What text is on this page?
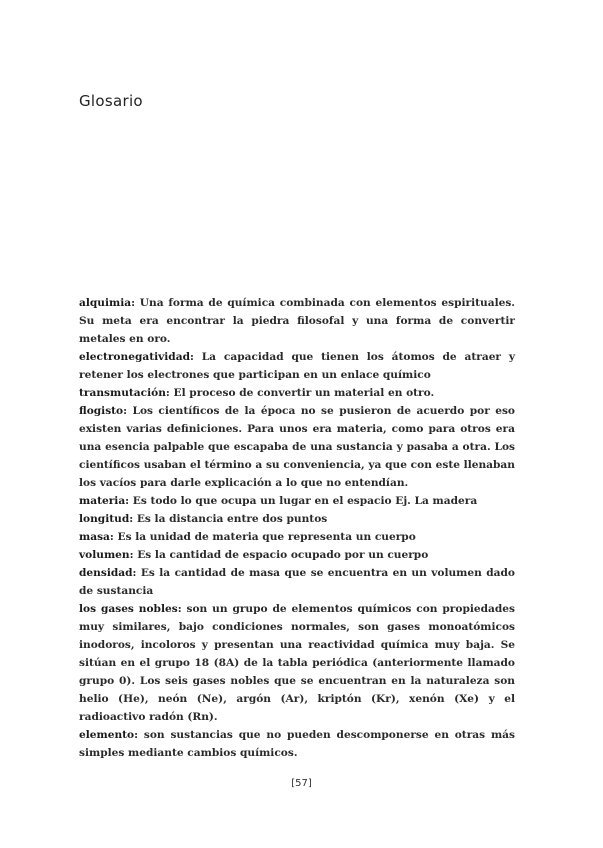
Glosario
alquimia: Una forma de química combinada con elementos espirituales. Su meta era encontrar la piedra filosofal y una forma de convertir metales en oro.
electronegatividad: La capacidad que tienen los átomos de atraer y retener los electrones que participan en un enlace químico
transmutación: El proceso de convertir un material en otro.
flogisto: Los científicos de la época no se pusieron de acuerdo por eso existen varias definiciones. Para unos era materia, como para otros era una esencia palpable que escapaba de una sustancia y pasaba a otra. Los científicos usaban el término a su conveniencia, ya que con este llenaban los vacíos para darle explicación a lo que no entendían.
materia: Es todo lo que ocupa un lugar en el espacio Ej. La madera
longitud: Es la distancia entre dos puntos
masa: Es la unidad de materia que representa un cuerpo
volumen: Es la cantidad de espacio ocupado por un cuerpo
densidad: Es la cantidad de masa que se encuentra en un volumen dado de sustancia
los gases nobles: son un grupo de elementos químicos con propiedades muy similares, bajo condiciones normales, son gases monoatómicos inodoros, incoloros y presentan una reactividad química muy baja. Se sitúan en el grupo 18 (8A) de la tabla periódica (anteriormente llamado grupo 0). Los seis gases nobles que se encuentran en la naturaleza son helio (He), neón (Ne), argón (Ar), kriptón (Kr), xenón (Xe) y el radioactivo radón (Rn).
elemento: son sustancias que no pueden descomponerse en otras más simples mediante cambios químicos.
[57]
